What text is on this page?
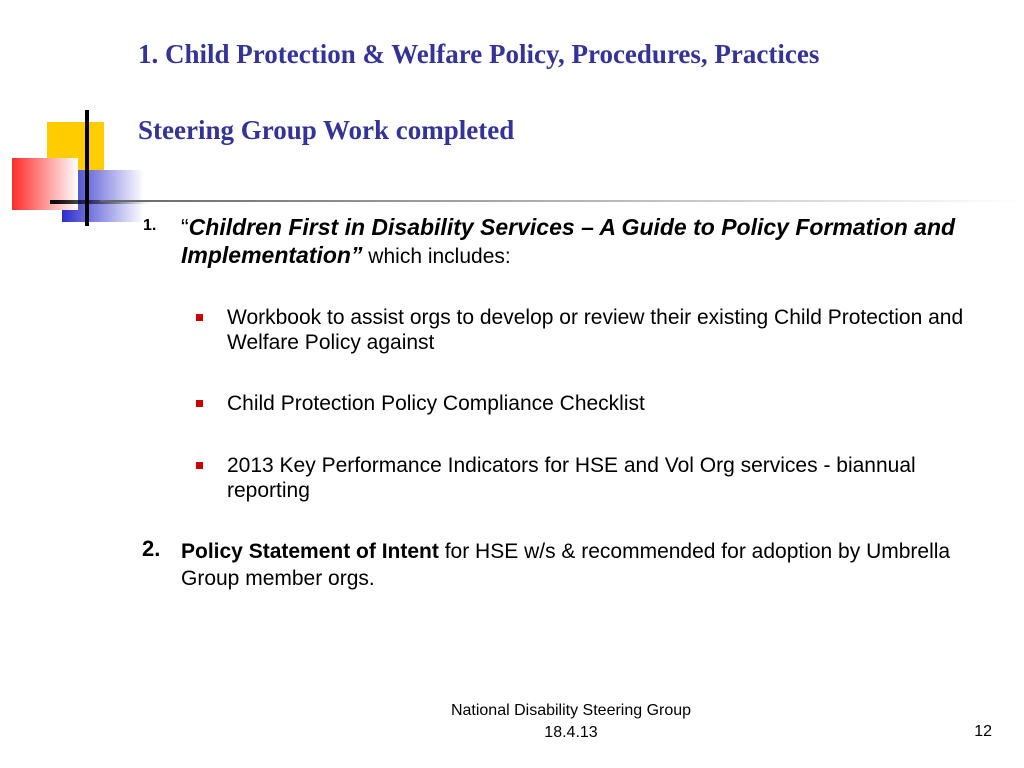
1. Child Protection & Welfare Policy, Procedures, Practices
Steering Group Work completed
1. “Children First in Disability Services – A Guide to Policy Formation and Implementation” which includes:
Workbook to assist orgs to develop or review their existing Child Protection and Welfare Policy against
Child Protection Policy Compliance Checklist
2013 Key Performance Indicators for HSE and Vol Org services - biannual reporting
2. Policy Statement of Intent for HSE w/s & recommended for adoption by Umbrella Group member orgs.
National Disability Steering Group
18.4.13	12
